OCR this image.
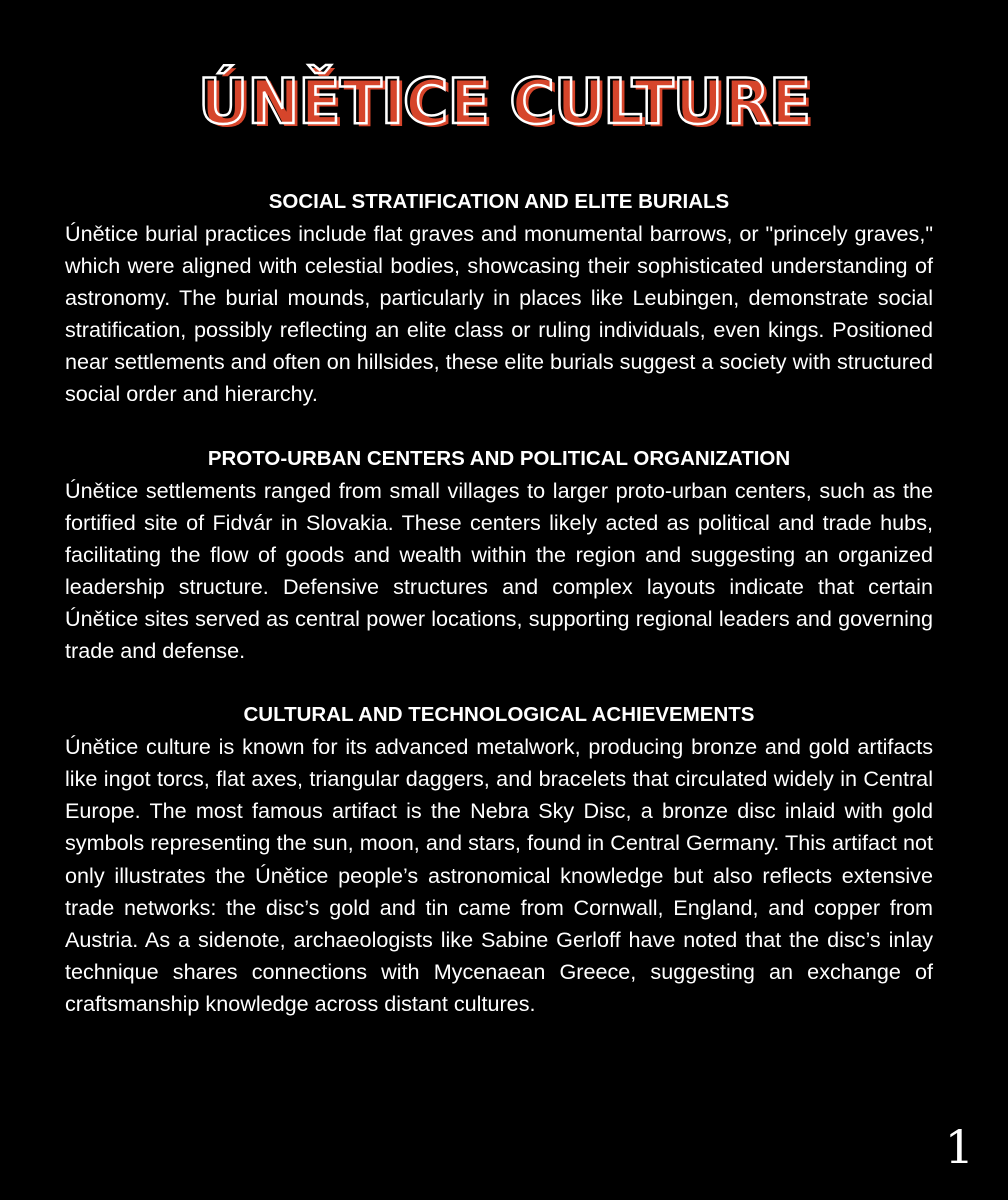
ÚNĚTICE CULTURE
SOCIAL STRATIFICATION AND ELITE BURIALS

Únětice burial practices include flat graves and monumental barrows, or "princely graves," which were aligned with celestial bodies, showcasing their sophisticated understanding of astronomy. The burial mounds, particularly in places like Leubingen, demonstrate social stratification, possibly reflecting an elite class or ruling individuals, even kings. Positioned near settlements and often on hillsides, these elite burials suggest a society with structured social order and hierarchy.

PROTO-URBAN CENTERS AND POLITICAL ORGANIZATION

Únětice settlements ranged from small villages to larger proto-urban centers, such as the fortified site of Fidvár in Slovakia. These centers likely acted as political and trade hubs, facilitating the flow of goods and wealth within the region and suggesting an organized leadership structure. Defensive structures and complex layouts indicate that certain Únětice sites served as central power locations, supporting regional leaders and governing trade and defense.

CULTURAL AND TECHNOLOGICAL ACHIEVEMENTS

Únětice culture is known for its advanced metalwork, producing bronze and gold artifacts like ingot torcs, flat axes, triangular daggers, and bracelets that circulated widely in Central Europe. The most famous artifact is the Nebra Sky Disc, a bronze disc inlaid with gold symbols representing the sun, moon, and stars, found in Central Germany. This artifact not only illustrates the Únětice people’s astronomical knowledge but also reflects extensive trade networks: the disc’s gold and tin came from Cornwall, England, and copper from Austria. As a sidenote, archaeologists like Sabine Gerloff have noted that the disc’s inlay technique shares connections with Mycenaean Greece, suggesting an exchange of craftsmanship knowledge across distant cultures.

1
